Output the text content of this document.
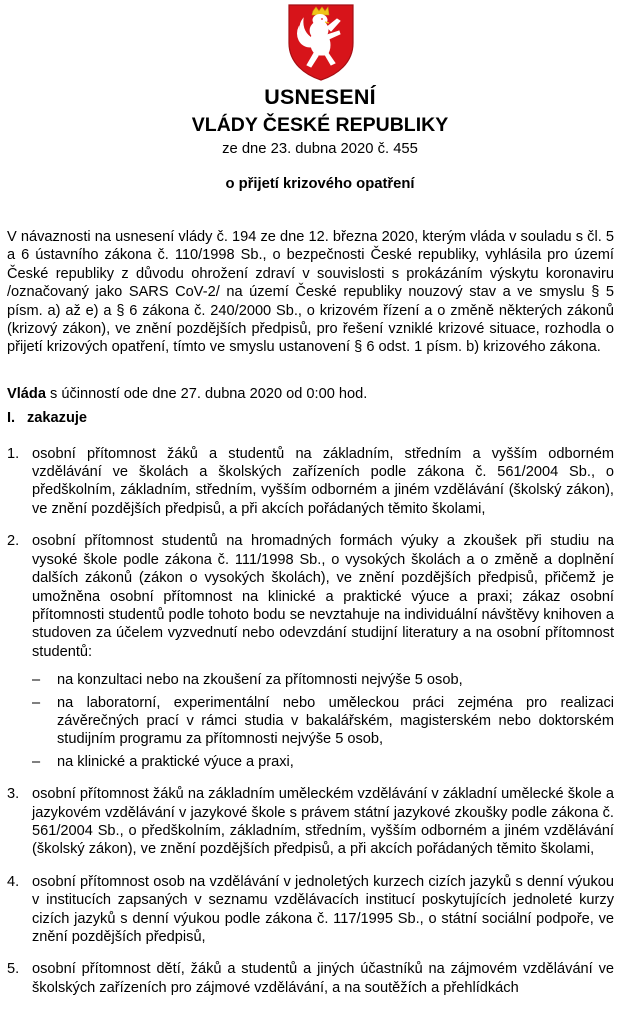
USNESENÍ
VLÁDY ČESKÉ REPUBLIKY
ze dne 23. dubna 2020 č. 455
o přijetí krizového opatření

V návaznosti na usnesení vlády č. 194 ze dne 12. března 2020, kterým vláda v souladu s čl. 5 a 6 ústavního zákona č. 110/1998 Sb., o bezpečnosti České republiky, vyhlásila pro území České republiky z důvodu ohrožení zdraví v souvislosti s prokázáním výskytu koronaviru /označovaný jako SARS CoV-2/ na území České republiky nouzový stav a ve smyslu § 5 písm. a) až e) a § 6 zákona č. 240/2000 Sb., o krizovém řízení a o změně některých zákonů (krizový zákon), ve znění pozdějších předpisů, pro řešení vzniklé krizové situace, rozhodla o přijetí krizových opatření, tímto ve smyslu ustanovení § 6 odst. 1 písm. b) krizového zákona.

Vláda s účinností ode dne 27. dubna 2020 od 0:00 hod.

I. zakazuje

1. osobní přítomnost žáků a studentů na základním, středním a vyšším odborném vzdělávání ve školách a školských zařízeních podle zákona č. 561/2004 Sb., o předškolním, základním, středním, vyšším odborném a jiném vzdělávání (školský zákon), ve znění pozdějších předpisů, a při akcích pořádaných těmito školami,
2. osobní přítomnost studentů na hromadných formách výuky a zkoušek při studiu na vysoké škole podle zákona č. 111/1998 Sb., o vysokých školách a o změně a doplnění dalších zákonů (zákon o vysokých školách), ve znění pozdějších předpisů, přičemž je umožněna osobní přítomnost na klinické a praktické výuce a praxi; zákaz osobní přítomnosti studentů podle tohoto bodu se nevztahuje na individuální návštěvy knihoven a studoven za účelem vyzvednutí nebo odevzdání studijní literatury a na osobní přítomnost studentů:
– na konzultaci nebo na zkoušení za přítomnosti nejvýše 5 osob,
– na laboratorní, experimentální nebo uměleckou práci zejména pro realizaci závěrečných prací v rámci studia v bakalářském, magisterském nebo doktorském studijním programu za přítomnosti nejvýše 5 osob,
– na klinické a praktické výuce a praxi,
3. osobní přítomnost žáků na základním uměleckém vzdělávání v základní umělecké škole a jazykovém vzdělávání v jazykové škole s právem státní jazykové zkoušky podle zákona č. 561/2004 Sb., o předškolním, základním, středním, vyšším odborném a jiném vzdělávání (školský zákon), ve znění pozdějších předpisů, a při akcích pořádaných těmito školami,
4. osobní přítomnost osob na vzdělávání v jednoletých kurzech cizích jazyků s denní výukou v institucích zapsaných v seznamu vzdělávacích institucí poskytujících jednoleté kurzy cizích jazyků s denní výukou podle zákona č. 117/1995 Sb., o státní sociální podpoře, ve znění pozdějších předpisů,
5. osobní přítomnost dětí, žáků a studentů a jiných účastníků na zájmovém vzdělávání ve školských zařízeních pro zájmové vzdělávání, a na soutěžích a přehlídkách
